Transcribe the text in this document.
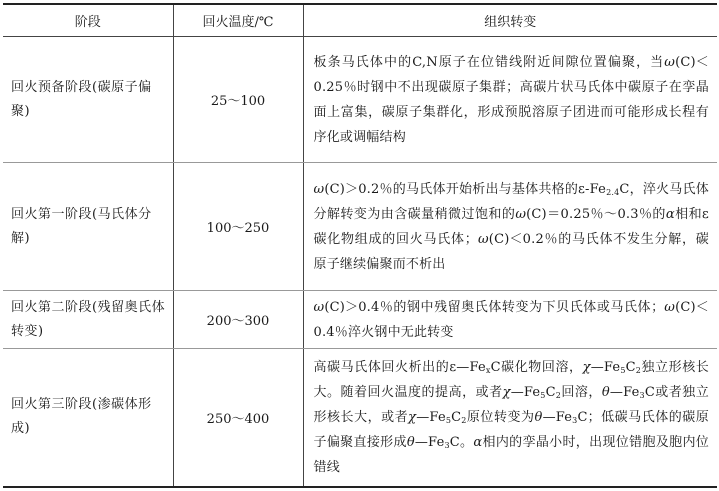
阶段	回火温度/℃	组织转变
回火预备阶段(碳原子偏聚)	25～100	板条马氏体中的C,N原子在位错线附近间隙位置偏聚，当ω(C)＜0.25％时钢中不出现碳原子集群；高碳片状马氏体中碳原子在孪晶面上富集，碳原子集群化，形成预脱溶原子团进而可能形成长程有序化或调幅结构
回火第一阶段(马氏体分解)	100～250	ω(C)＞0.2％的马氏体开始析出与基体共格的$\varepsilon-Fe_{2.4}C$，淬火马氏体分解转变为由含碳量稍微过饱和的ω(C)＝0.25％～0.3％的α相和ε碳化物组成的回火马氏体；ω(C)＜0.2％的马氏体不发生分解，碳原子继续偏聚而不析出
回火第二阶段(残留奥氏体转变)	200～300	ω(C)＞0.4％的钢中残留奥氏体转变为下贝氏体或马氏体；ω(C)＜0.4％淬火钢中无此转变
回火第三阶段(渗碳体形成)	250～400	高碳马氏体回火析出的$\varepsilon—Fe_xC$碳化物回溶，$\chi—Fe_5C_2$独立形核长大。随着回火温度的提高，或者$\chi—Fe_5C_2$回溶，$\theta—Fe_3C$或者独立形核长大，或者$\chi—Fe_5C_2$原位转变为$\theta—Fe_3C$；低碳马氏体的碳原子偏聚直接形成$\theta—Fe_3C$。α相内的孪晶小时，出现位错胞及胞内位错线
